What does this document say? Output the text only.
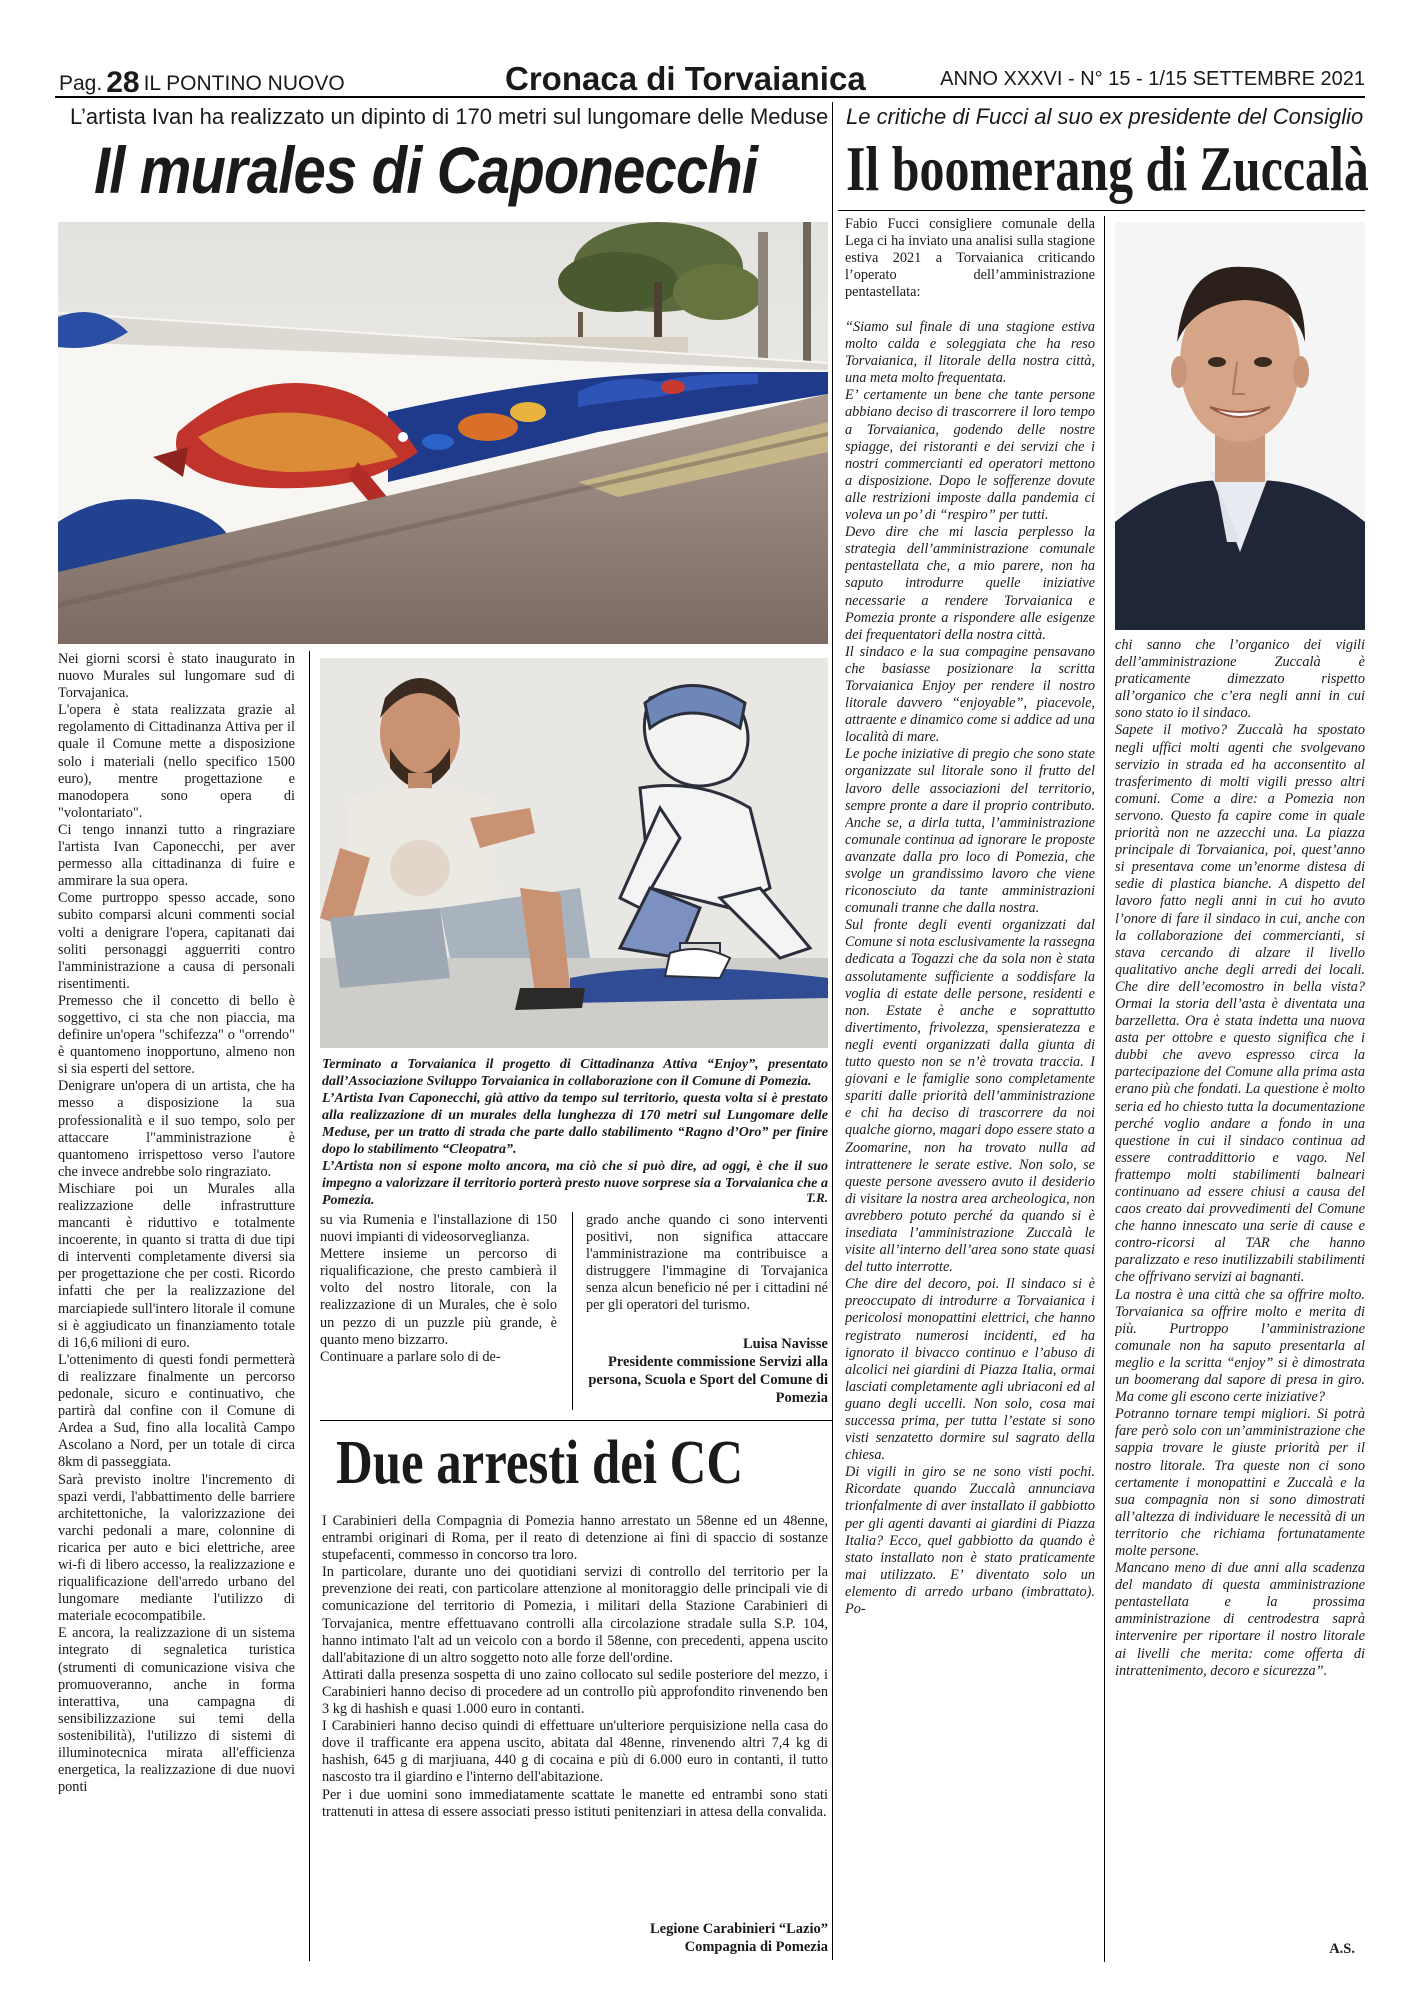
Pag. 28 IL PONTINO NUOVO	Cronaca di Torvaianica	ANNO XXXVI - N° 15 - 1/15 SETTEMBRE 2021
L’artista Ivan ha realizzato un dipinto di 170 metri sul lungomare delle Meduse
Il murales di Caponecchi

Nei giorni scorsi è stato inaugurato in nuovo Murales sul lungomare sud di Torvajanica.

L'opera è stata realizzata grazie al regolamento di Cittadinanza Attiva per il quale il Comune mette a disposizione solo i materiali (nello specifico 1500 euro), mentre progettazione e manodopera sono opera di "volontariato".

Ci tengo innanzi tutto a ringraziare l'artista Ivan Caponecchi, per aver permesso alla cittadinanza di fuire e ammirare la sua opera.

Come purtroppo spesso accade, sono subito comparsi alcuni commenti social volti a denigrare l'opera, capitanati dai soliti personaggi agguerriti contro l'amministrazione a causa di personali risentimenti.

Premesso che il concetto di bello è soggettivo, ci sta che non piaccia, ma definire un'opera "schifezza" o "orrendo" è quantomeno inopportuno, almeno non si sia esperti del settore.

Denigrare un'opera di un artista, che ha messo a disposizione la sua professionalità e il suo tempo, solo per attaccare l"amministrazione è quantomeno irrispettoso verso l'autore che invece andrebbe solo ringraziato.

Mischiare poi un Murales alla realizzazione delle infrastrutture mancanti è riduttivo e totalmente incoerente, in quanto si tratta di due tipi di interventi completamente diversi sia per progettazione che per costi. Ricordo infatti che per la realizzazione del marciapiede sull'intero litorale il comune si è aggiudicato un finanziamento totale di 16,6 milioni di euro.

L'ottenimento di questi fondi permetterà di realizzare finalmente un percorso pedonale, sicuro e continuativo, che partirà dal confine con il Comune di Ardea a Sud, fino alla località Campo Ascolano a Nord, per un totale di circa 8km di passeggiata.

Sarà previsto inoltre l'incremento di spazi verdi, l'abbattimento delle barriere architettoniche, la valorizzazione dei varchi pedonali a mare, colonnine di ricarica per auto e bici elettriche, aree wi-fi di libero accesso, la realizzazione e riqualificazione dell'arredo urbano del lungomare mediante l'utilizzo di materiale ecocompatibile.

E ancora, la realizzazione di un sistema integrato di segnaletica turistica (strumenti di comunicazione visiva che promuoveranno, anche in forma interattiva, una campagna di sensibilizzazione sui temi della sostenibilità), l'utilizzo di sistemi di illuminotecnica mirata all'efficienza energetica, la realizzazione di due nuovi ponti

Terminato a Torvaianica il progetto di Cittadinanza Attiva “Enjoy”, presentato dall’Associazione Sviluppo Torvaianica in collaborazione con il Comune di Pomezia.
L’Artista Ivan Caponecchi, già attivo da tempo sul territorio, questa volta si è prestato alla realizzazione di un murales della lunghezza di 170 metri sul Lungomare delle Meduse, per un tratto di strada che parte dallo stabilimento “Ragno d’Oro” per finire dopo lo stabilimento “Cleopatra”.
L’Artista non si espone molto ancora, ma ciò che si può dire, ad oggi, è che il suo impegno a valorizzare il territorio porterà presto nuove sorprese sia a Torvaianica che a Pomezia.	T.R.
su via Rumenia e l'installazione di 150 nuovi impianti di videosorveglianza.
Mettere insieme un percorso di riqualificazione, che presto cambierà il volto del nostro litorale, con la realizzazione di un Murales, che è solo un pezzo di un puzzle più grande, è quanto meno bizzarro.
Continuare a parlare solo di de-
grado anche quando ci sono interventi positivi, non significa attaccare l'amministrazione ma contribuisce a distruggere l'immagine di Torvajanica senza alcun beneficio né per i cittadini né per gli operatori del turismo.
Luisa Navisse
Presidente commissione Servizi alla persona, Scuola e Sport del Comune di Pomezia
Due arresti dei CC

I Carabinieri della Compagnia di Pomezia hanno arrestato un 58enne ed un 48enne, entrambi originari di Roma, per il reato di detenzione ai fini di spaccio di sostanze stupefacenti, commesso in concorso tra loro.

In particolare, durante uno dei quotidiani servizi di controllo del territorio per la prevenzione dei reati, con particolare attenzione al monitoraggio delle principali vie di comunicazione del territorio di Pomezia, i militari della Stazione Carabinieri di Torvajanica, mentre effettuavano controlli alla circolazione stradale sulla S.P. 104, hanno intimato l'alt ad un veicolo con a bordo il 58enne, con precedenti, appena uscito dall'abitazione di un altro soggetto noto alle forze dell'ordine.

Attirati dalla presenza sospetta di uno zaino collocato sul sedile posteriore del mezzo, i Carabinieri hanno deciso di procedere ad un controllo più approfondito rinvenendo ben 3 kg di hashish e quasi 1.000 euro in contanti.

I Carabinieri hanno deciso quindi di effettuare un'ulteriore perquisizione nella casa do dove il trafficante era appena uscito, abitata dal 48enne, rinvenendo altri 7,4 kg di hashish, 645 g di marjiuana, 440 g di cocaina e più di 6.000 euro in contanti, il tutto nascosto tra il giardino e l'interno dell'abitazione.

Per i due uomini sono immediatamente scattate le manette ed entrambi sono stati trattenuti in attesa di essere associati presso istituti penitenziari in attesa della convalida.

Legione Carabinieri “Lazio”
Compagnia di Pomezia
Le critiche di Fucci al suo ex presidente del Consiglio
Il boomerang di Zuccalà
Fabio Fucci consigliere comunale della Lega ci ha inviato una analisi sulla stagione estiva 2021 a Torvaianica criticando l’operato dell’amministrazione pentastellata:
“Siamo sul finale di una stagione estiva molto calda e soleggiata che ha reso Torvaianica, il litorale della nostra città, una meta molto frequentata.
E’ certamente un bene che tante persone abbiano deciso di trascorrere il loro tempo a Torvaianica, godendo delle nostre spiagge, dei ristoranti e dei servizi che i nostri commercianti ed operatori mettono a disposizione. Dopo le sofferenze dovute alle restrizioni imposte dalla pandemia ci voleva un po’ di “respiro” per tutti.
Devo dire che mi lascia perplesso la strategia dell’amministrazione comunale pentastellata che, a mio parere, non ha saputo introdurre quelle iniziative necessarie a rendere Torvaianica e Pomezia pronte a rispondere alle esigenze dei frequentatori della nostra città.
Il sindaco e la sua compagine pensavano che basiasse posizionare la scritta Torvaianica Enjoy per rendere il nostro litorale davvero “enjoyable”, piacevole, attraente e dinamico come si addice ad una località di mare.
Le poche iniziative di pregio che sono state organizzate sul litorale sono il frutto del lavoro delle associazioni del territorio, sempre pronte a dare il proprio contributo. Anche se, a dirla tutta, l’amministrazione comunale continua ad ignorare le proposte avanzate dalla pro loco di Pomezia, che svolge un grandissimo lavoro che viene riconosciuto da tante amministrazioni comunali tranne che dalla nostra.
Sul fronte degli eventi organizzati dal Comune si nota esclusivamente la rassegna dedicata a Togazzi che da sola non è stata assolutamente sufficiente a soddisfare la voglia di estate delle persone, residenti e non. Estate è anche e soprattutto divertimento, frivolezza, spensieratezza e negli eventi organizzati dalla giunta di tutto questo non se n’è trovata traccia. I giovani e le famiglie sono completamente spariti dalle priorità dell’amministrazione e chi ha deciso di trascorrere da noi qualche giorno, magari dopo essere stato a Zoomarine, non ha trovato nulla ad intrattenere le serate estive. Non solo, se queste persone avessero avuto il desiderio di visitare la nostra area archeologica, non avrebbero potuto perché da quando si è insediata l’amministrazione Zuccalà le visite all’interno dell’area sono state quasi del tutto interrotte.
Che dire del decoro, poi. Il sindaco si è preoccupato di introdurre a Torvaianica i pericolosi monopattini elettrici, che hanno registrato numerosi incidenti, ed ha ignorato il bivacco continuo e l’abuso di alcolici nei giardini di Piazza Italia, ormai lasciati completamente agli ubriaconi ed al guano degli uccelli. Non solo, cosa mai successa prima, per tutta l’estate si sono visti senzatetto dormire sul sagrato della chiesa.
Di vigili in giro se ne sono visti pochi. Ricordate quando Zuccalà annunciava trionfalmente di aver installato il gabbiotto per gli agenti davanti ai giardini di Piazza Italia? Ecco, quel gabbiotto da quando è stato installato non è stato praticamente mai utilizzato. E’ diventato solo un elemento di arredo urbano (imbrattato). Po-
chi sanno che l’organico dei vigili dell’amministrazione Zuccalà è praticamente dimezzato rispetto all’organico che c’era negli anni in cui sono stato io il sindaco.
Sapete il motivo? Zuccalà ha spostato negli uffici molti agenti che svolgevano servizio in strada ed ha acconsentito al trasferimento di molti vigili presso altri comuni. Come a dire: a Pomezia non servono. Questo fa capire come in quale priorità non ne azzecchi una. La piazza principale di Torvaianica, poi, quest’anno si presentava come un’enorme distesa di sedie di plastica bianche. A dispetto del lavoro fatto negli anni in cui ho avuto l’onore di fare il sindaco in cui, anche con la collaborazione dei commercianti, si stava cercando di alzare il livello qualitativo anche degli arredi dei locali. Che dire dell’ecomostro in bella vista? Ormai la storia dell’asta è diventata una barzelletta. Ora è stata indetta una nuova asta per ottobre e questo significa che i dubbi che avevo espresso circa la partecipazione del Comune alla prima asta erano più che fondati. La questione è molto seria ed ho chiesto tutta la documentazione perché voglio andare a fondo in una questione in cui il sindaco continua ad essere contraddittorio e vago. Nel frattempo molti stabilimenti balneari continuano ad essere chiusi a causa del caos creato dai provvedimenti del Comune che hanno innescato una serie di cause e contro-ricorsi al TAR che hanno paralizzato e reso inutilizzabili stabilimenti che offrivano servizi ai bagnanti.
La nostra è una città che sa offrire molto. Torvaianica sa offrire molto e merita di più. Purtroppo l’amministrazione comunale non ha saputo presentarla al meglio e la scritta “enjoy” si è dimostrata un boomerang dal sapore di presa in giro. Ma come gli escono certe iniziative?
Potranno tornare tempi migliori. Si potrà fare però solo con un’amministrazione che sappia trovare le giuste priorità per il nostro litorale. Tra queste non ci sono certamente i monopattini e Zuccalà e la sua compagnia non si sono dimostrati all’altezza di individuare le necessità di un territorio che richiama fortunatamente molte persone.
Mancano meno di due anni alla scadenza del mandato di questa amministrazione pentastellata e la prossima amministrazione di centrodestra saprà intervenire per riportare il nostro litorale ai livelli che merita: come offerta di intrattenimento, decoro e sicurezza”.
A.S.
